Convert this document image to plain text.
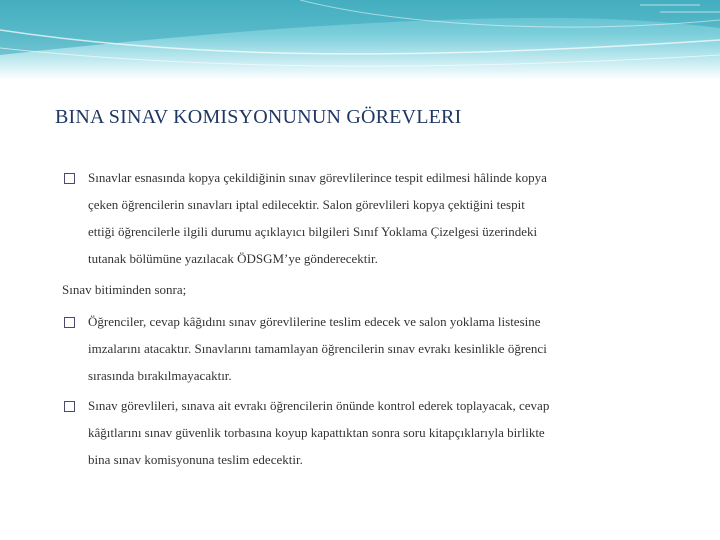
BINA SINAV KOMISYONUNUN GÖREVLERI
Sınavlar esnasında kopya çekildiğinin sınav görevlilerince tespit edilmesi hâlinde kopya
çeken öğrencilerin sınavları iptal edilecektir. Salon görevlileri kopya çektiğini tespit
ettiği öğrencilerle ilgili durumu açıklayıcı bilgileri Sınıf Yoklama Çizelgesi üzerindeki
tutanak bölümüne yazılacak ÖDSGM’ye gönderecektir.
Sınav bitiminden sonra;
Öğrenciler, cevap kâğıdını sınav görevlilerine teslim edecek ve salon yoklama listesine
imzalarını atacaktır. Sınavlarını tamamlayan öğrencilerin sınav evrakı kesinlikle öğrenci
sırasında bırakılmayacaktır.
Sınav görevlileri, sınava ait evrakı öğrencilerin önünde kontrol ederek toplayacak, cevap
kâğıtlarını sınav güvenlik torbasına koyup kapattıktan sonra soru kitapçıklarıyla birlikte
bina sınav komisyonuna teslim edecektir.
